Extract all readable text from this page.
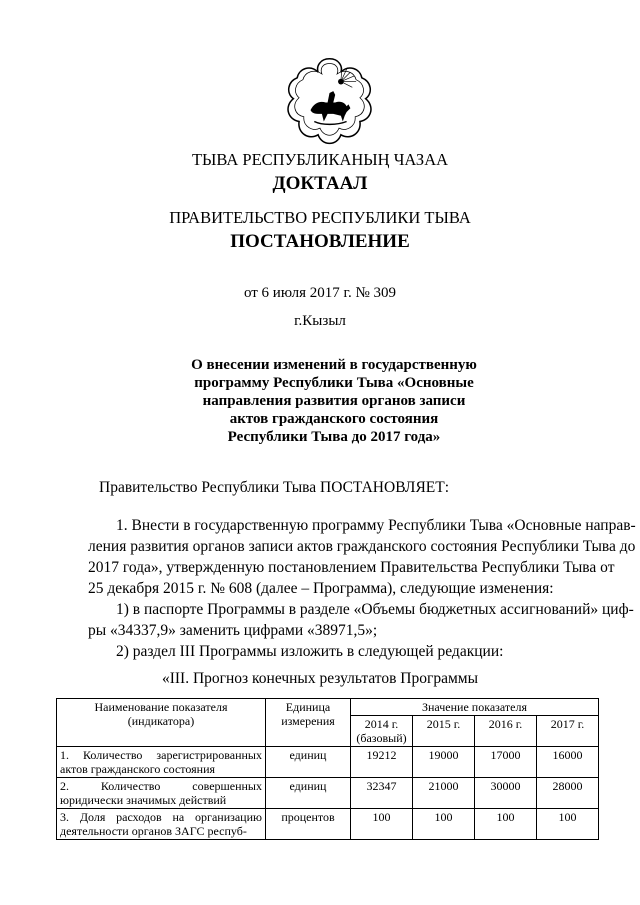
ТЫВА РЕСПУБЛИКАНЫҢ ЧАЗАА
ДОКТААЛ
ПРАВИТЕЛЬСТВО РЕСПУБЛИКИ ТЫВА
ПОСТАНОВЛЕНИЕ
от 6 июля 2017 г. № 309
г.Кызыл
О внесении изменений в государственную
программу Республики Тыва «Основные
направления развития органов записи
актов гражданского состояния
Республики Тыва до 2017 года»
Правительство Республики Тыва ПОСТАНОВЛЯЕТ:
1. Внести в государственную программу Республики Тыва «Основные направ-
ления развития органов записи актов гражданского состояния Республики Тыва до
2017 года», утвержденную постановлением Правительства Республики Тыва от
25 декабря 2015 г. № 608 (далее – Программа), следующие изменения:
1) в паспорте Программы в разделе «Объемы бюджетных ассигнований» циф-
ры «34337,9» заменить цифрами «38971,5»;
2) раздел III Программы изложить в следующей редакции:
«III. Прогноз конечных результатов Программы
Наименование показателя (индикатора)	Единица измерения	Значение показателя			
		2014 г. (базовый)	2015 г.	2016 г.	2017 г.
1. Количество зарегистрированных актов гражданского состояния	единиц	19212	19000	17000	16000
2. Количество совершенных юридически значимых действий	единиц	32347	21000	30000	28000
3. Доля расходов на организацию деятельности органов ЗАГС респуб-	процентов	100	100	100	100
